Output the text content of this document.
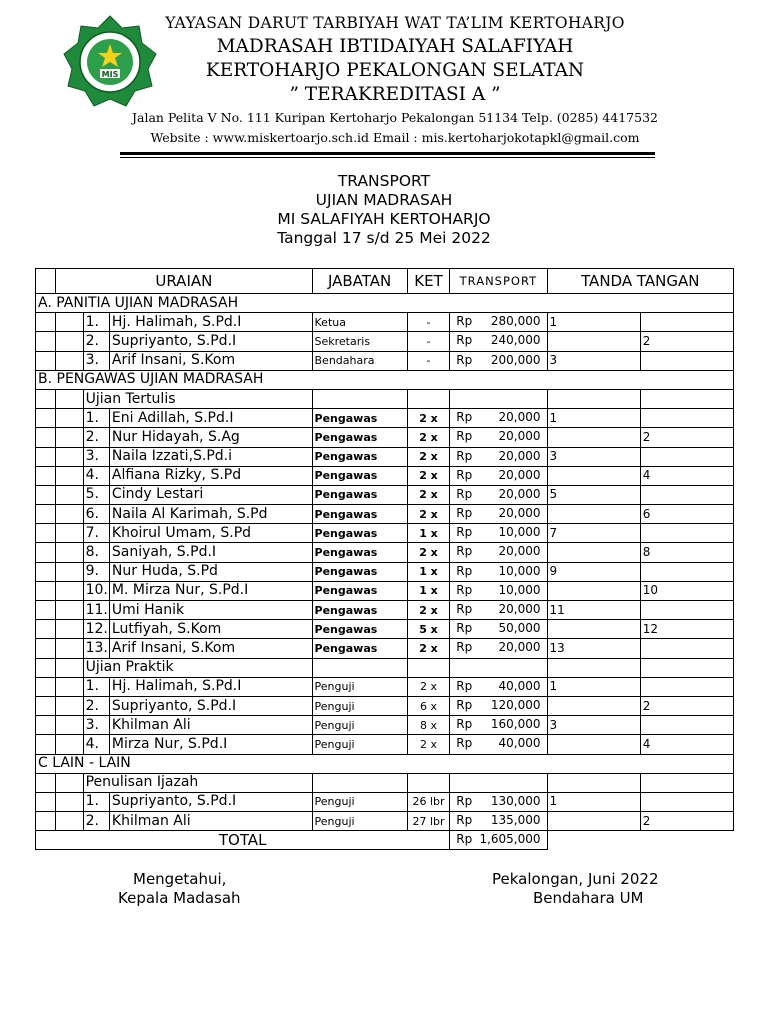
MIS
YAYASAN DARUT TARBIYAH WAT TA’LIM KERTOHARJO
MADRASAH IBTIDAIYAH SALAFIYAH
KERTOHARJO PEKALONGAN SELATAN
” TERAKREDITASI A ”
Jalan Pelita V No. 111 Kuripan Kertoharjo Pekalongan 51134 Telp. (0285) 4417532
Website : www.miskertoarjo.sch.id Email : mis.kertoharjokotapkl@gmail.com
TRANSPORT
UJIAN MADRASAH
MI SALAFIYAH KERTOHARJO
Tanggal 17 s/d 25 Mei 2022
	URAIAN			JABATAN	KET	TRANSPORT	TANDA TANGAN	
A. PANITIA UJIAN MADRASAH								
		1.	Hj. Halimah, S.Pd.I	Ketua	-	Rp 280,000	1	
		2.	Supriyanto, S.Pd.I	Sekretaris	-	Rp 240,000		2
		3.	Arif Insani, S.Kom	Bendahara	-	Rp 200,000	3	
B. PENGAWAS UJIAN MADRASAH								
		Ujian Tertulis						
		1.	Eni Adillah, S.Pd.I	Pengawas	2 x	Rp 20,000	1	
		2.	Nur Hidayah, S.Ag	Pengawas	2 x	Rp 20,000		2
		3.	Naila Izzati,S.Pd.i	Pengawas	2 x	Rp 20,000	3	
		4.	Alfiana Rizky, S.Pd	Pengawas	2 x	Rp 20,000		4
		5.	Cindy Lestari	Pengawas	2 x	Rp 20,000	5	
		6.	Naila Al Karimah, S.Pd	Pengawas	2 x	Rp 20,000		6
		7.	Khoirul Umam, S.Pd	Pengawas	1 x	Rp 10,000	7	
		8.	Saniyah, S.Pd.I	Pengawas	2 x	Rp 20,000		8
		9.	Nur Huda, S.Pd	Pengawas	1 x	Rp 10,000	9	
		10.	M. Mirza Nur, S.Pd.I	Pengawas	1 x	Rp 10,000		10
		11.	Umi Hanik	Pengawas	2 x	Rp 20,000	11	
		12.	Lutfiyah, S.Kom	Pengawas	5 x	Rp 50,000		12
		13.	Arif Insani, S.Kom	Pengawas	2 x	Rp 20,000	13	
		Ujian Praktik						
		1.	Hj. Halimah, S.Pd.I	Penguji	2 x	Rp 40,000	1	
		2.	Supriyanto, S.Pd.I	Penguji	6 x	Rp 120,000		2
		3.	Khilman Ali	Penguji	8 x	Rp 160,000	3	
		4.	Mirza Nur, S.Pd.I	Penguji	2 x	Rp 40,000		4
C LAIN - LAIN								
		Penulisan Ijazah						
		1.	Supriyanto, S.Pd.I	Penguji	26 lbr	Rp 130,000	1	
		2.	Khilman Ali	Penguji	27 lbr	Rp 135,000		2
TOTAL						Rp 1,605,000		

Mengetahui,
Kepala Madasah
Pekalongan, Juni 2022
Bendahara UM
